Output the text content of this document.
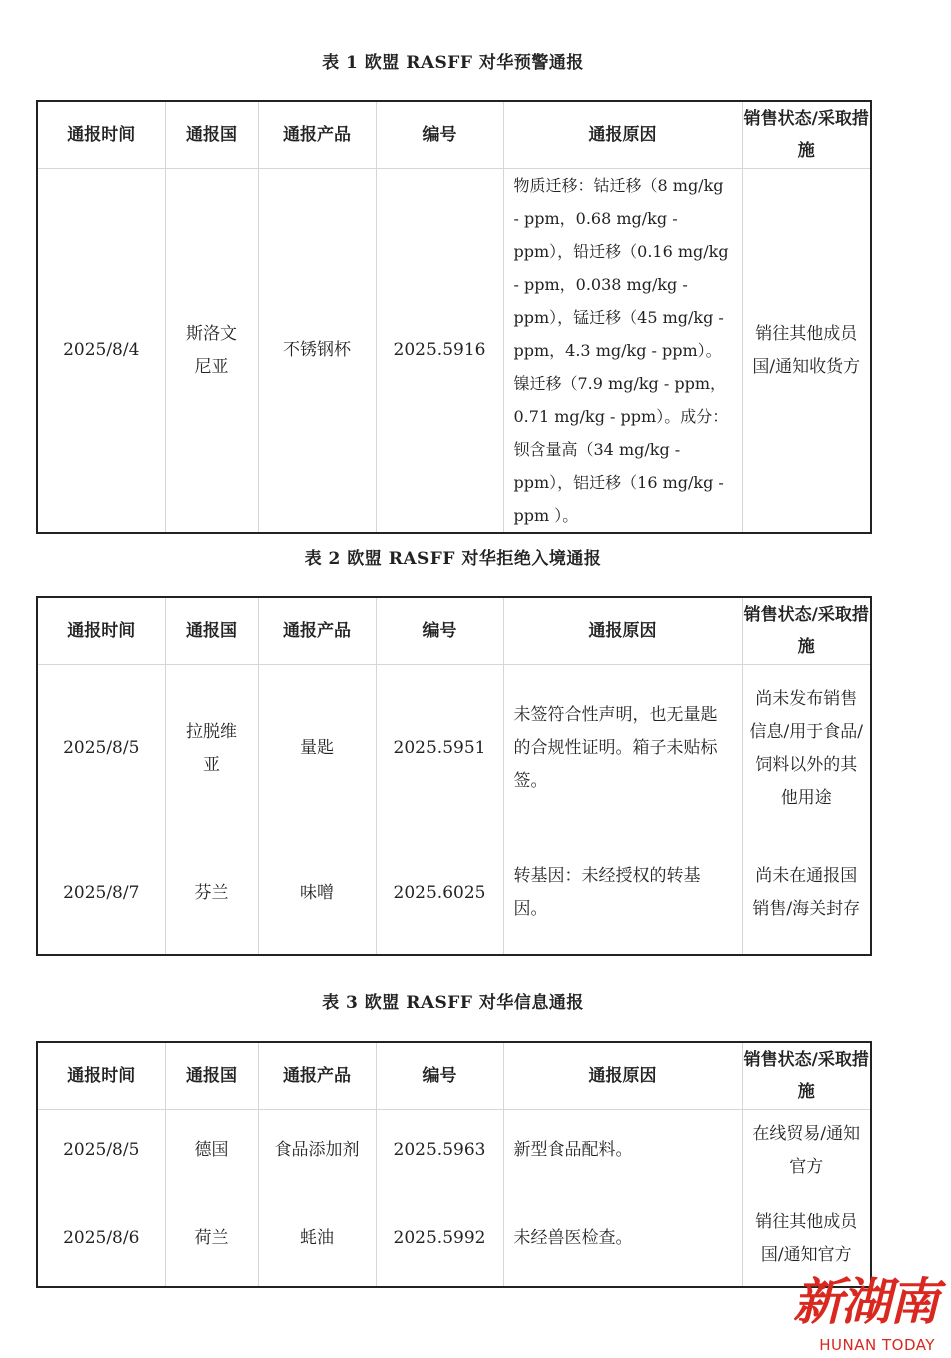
表 1 欧盟 RASFF 对华预警通报
通报时间	通报国	通报产品	编号	通报原因	销售状态/采取措施
2025/8/4	斯洛文尼亚	不锈钢杯	2025.5916	物质迁移：钴迁移（8 mg/kg - ppm，0.68 mg/kg - ppm），铅迁移（0.16 mg/kg - ppm，0.038 mg/kg - ppm），锰迁移（45 mg/kg - ppm，4.3 mg/kg - ppm）。镍迁移（7.9 mg/kg - ppm，0.71 mg/kg - ppm）。成分：钡含量高（34 mg/kg - ppm），铝迁移（16 mg/kg - ppm ）。	销往其他成员国/通知收货方
表 2 欧盟 RASFF 对华拒绝入境通报
通报时间	通报国	通报产品	编号	通报原因	销售状态/采取措施
2025/8/5	拉脱维亚	量匙	2025.5951	未签符合性声明，也无量匙的合规性证明。箱子未贴标签。	尚未发布销售信息/用于食品/饲料以外的其他用途
2025/8/7	芬兰	味噌	2025.6025	转基因：未经授权的转基因。	尚未在通报国销售/海关封存
表 3 欧盟 RASFF 对华信息通报
通报时间	通报国	通报产品	编号	通报原因	销售状态/采取措施
2025/8/5	德国	食品添加剂	2025.5963	新型食品配料。	在线贸易/通知官方
2025/8/6	荷兰	蚝油	2025.5992	未经兽医检查。	销往其他成员国/通知官方
新湖南
HUNAN TODAY
